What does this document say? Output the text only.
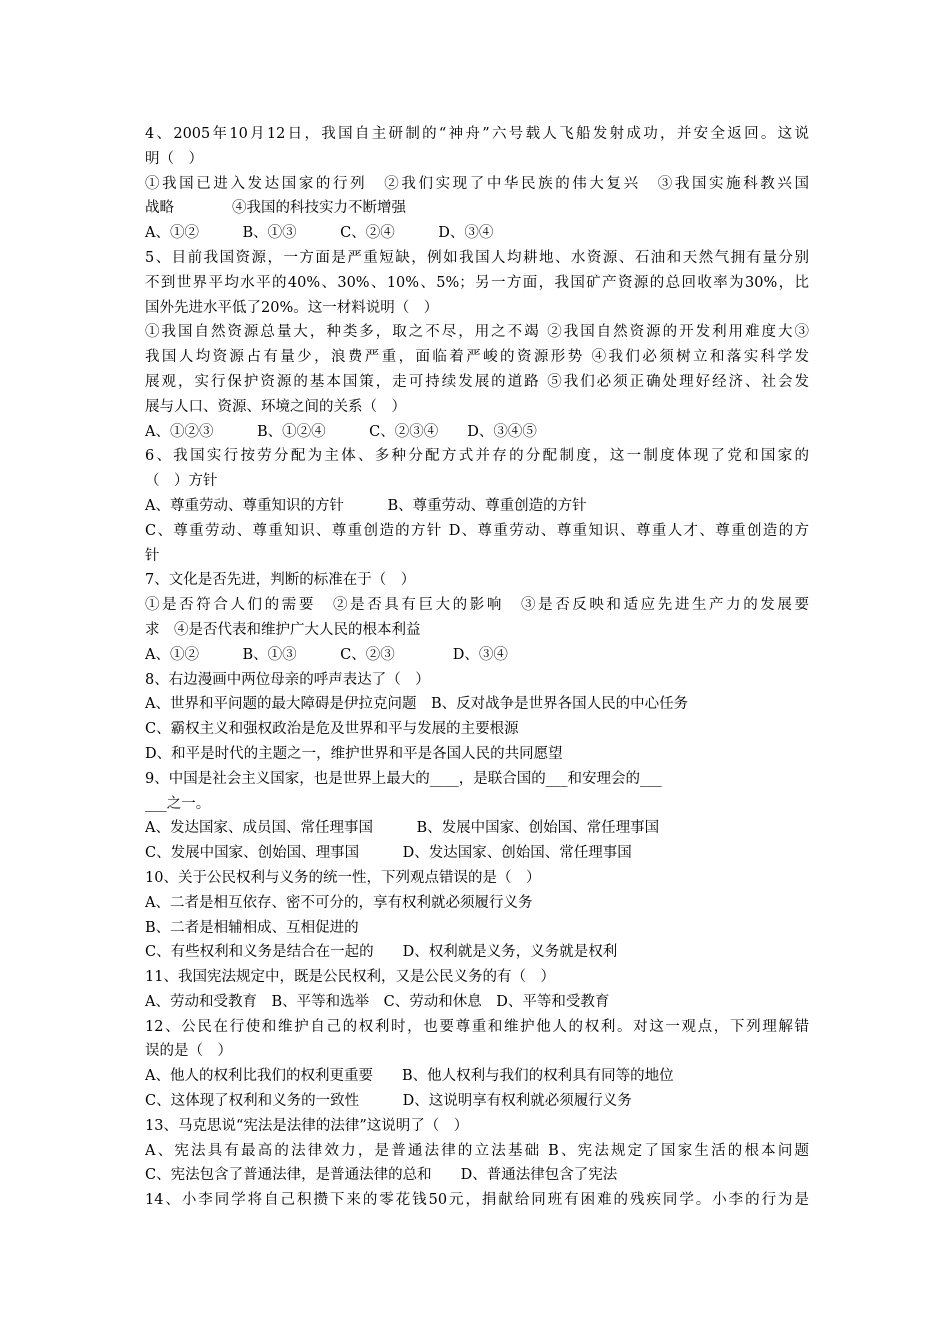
4、2005年10月12日，我国自主研制的“神舟”六号载人飞船发射成功，并安全返回。这说
明（　）
①我国已进入发达国家的行列　②我们实现了中华民族的伟大复兴　③我国实施科教兴国
战略　　　　④我国的科技实力不断增强
A、①②　　　B、①③　　　C、②④　　　D、③④
5、目前我国资源，一方面是严重短缺，例如我国人均耕地、水资源、石油和天然气拥有量分别
不到世界平均水平的40%、30%、10%、5%；另一方面，我国矿产资源的总回收率为30%，比
国外先进水平低了20%。这一材料说明（　）
①我国自然资源总量大，种类多，取之不尽，用之不竭 ②我国自然资源的开发利用难度大③
我国人均资源占有量少，浪费严重，面临着严峻的资源形势 ④我们必须树立和落实科学发
展观，实行保护资源的基本国策，走可持续发展的道路 ⑤我们必须正确处理好经济、社会发
展与人口、资源、环境之间的关系（　）
A、①②③　　　B、①②④　　　C、②③④　　D、③④⑤
6、我国实行按劳分配为主体、多种分配方式并存的分配制度，这一制度体现了党和国家的
（　）方针
A、尊重劳动、尊重知识的方针　　　B、尊重劳动、尊重创造的方针
C、尊重劳动、尊重知识、尊重创造的方针 D、尊重劳动、尊重知识、尊重人才、尊重创造的方
针
7、文化是否先进，判断的标准在于（　）
①是否符合人们的需要　②是否具有巨大的影响　③是否反映和适应先进生产力的发展要
求　④是否代表和维护广大人民的根本利益
A、①②　　　B、①③　　　C、②③　　　　D、③④
8、右边漫画中两位母亲的呼声表达了（　）
A、世界和平问题的最大障碍是伊拉克问题　B、反对战争是世界各国人民的中心任务
C、霸权主义和强权政治是危及世界和平与发展的主要根源
D、和平是时代的主题之一，维护世界和平是各国人民的共同愿望
9、中国是社会主义国家，也是世界上最大的____，是联合国的___和安理会的___
___之一。
A、发达国家、成员国、常任理事国　　　B、发展中国家、创始国、常任理事国
C、发展中国家、创始国、理事国　　　D、发达国家、创始国、常任理事国
10、关于公民权利与义务的统一性，下列观点错误的是（　）
A、二者是相互依存、密不可分的，享有权利就必须履行义务
B、二者是相辅相成、互相促进的
C、有些权利和义务是结合在一起的　　D、权利就是义务，义务就是权利
11、我国宪法规定中，既是公民权利，又是公民义务的有（　）
A、劳动和受教育　B、平等和选举　C、劳动和休息　D、平等和受教育
12、公民在行使和维护自己的权利时，也要尊重和维护他人的权利。对这一观点，下列理解错
误的是（　）
A、他人的权利比我们的权利更重要　　B、他人权利与我们的权利具有同等的地位
C、这体现了权利和义务的一致性　　　D、这说明享有权利就必须履行义务
13、马克思说“宪法是法律的法律”这说明了（　）
A、宪法具有最高的法律效力，是普通法律的立法基础 B、宪法规定了国家生活的根本问题
C、宪法包含了普通法律，是普通法律的总和　　D、普通法律包含了宪法
14、小李同学将自己积攒下来的零花钱50元，捐献给同班有困难的残疾同学。小李的行为是
